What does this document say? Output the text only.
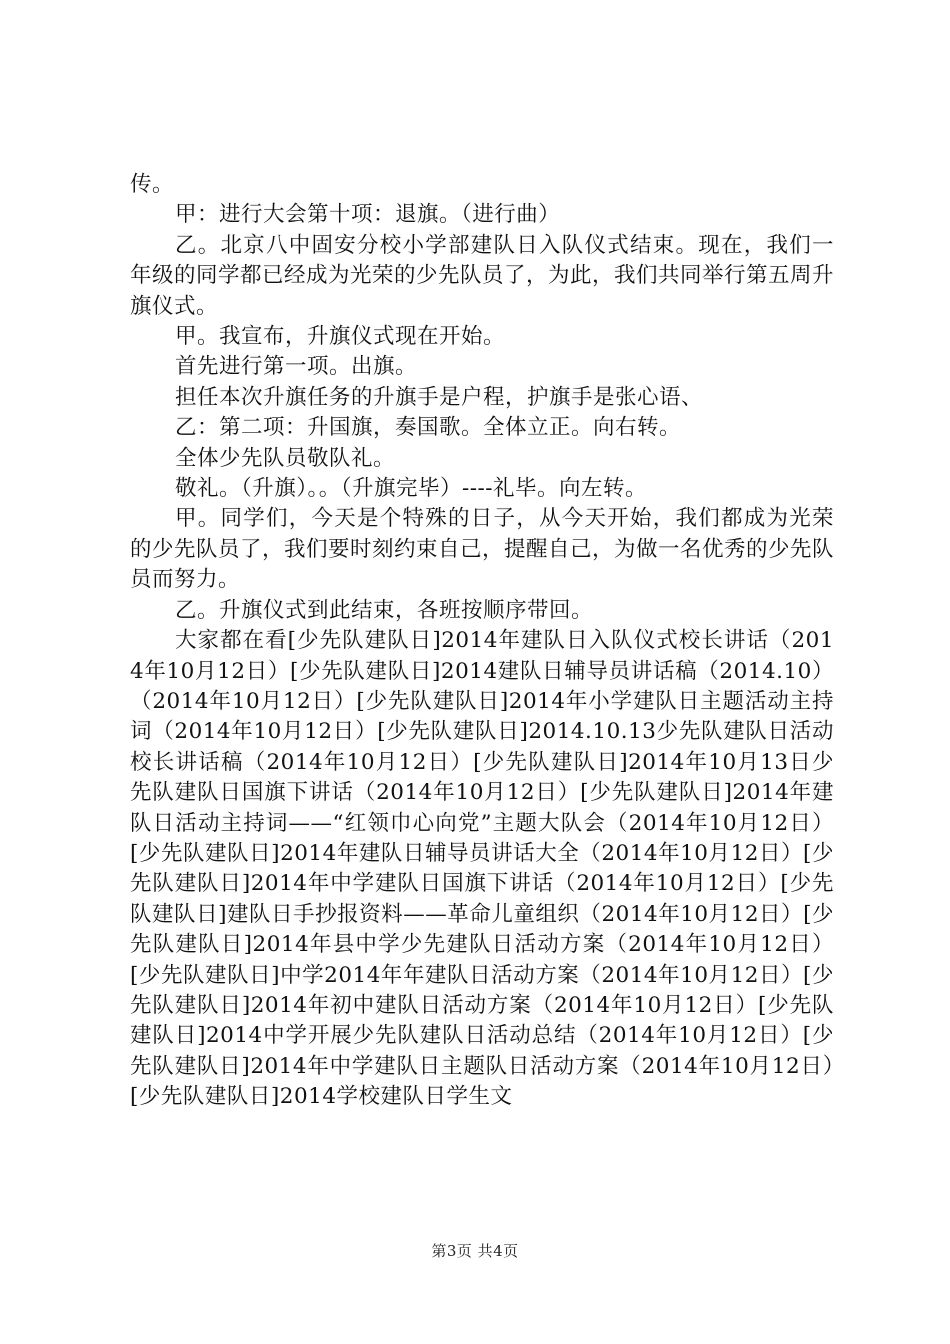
传。

甲：进行大会第十项：退旗。（进行曲）

乙。北京八中固安分校小学部建队日入队仪式结束。现在，我们一年级的同学都已经成为光荣的少先队员了，为此，我们共同举行第五周升旗仪式。

甲。我宣布，升旗仪式现在开始。

首先进行第一项。出旗。

担任本次升旗任务的升旗手是户程，护旗手是张心语、

乙：第二项：升国旗，奏国歌。全体立正。向右转。

全体少先队员敬队礼。

敬礼。（升旗）。。（升旗完毕）----礼毕。向左转。

甲。同学们，今天是个特殊的日子，从今天开始，我们都成为光荣的少先队员了，我们要时刻约束自己，提醒自己，为做一名优秀的少先队员而努力。

乙。升旗仪式到此结束，各班按顺序带回。

大家都在看[少先队建队日]2014年建队日入队仪式校长讲话（2014年10月12日）[少先队建队日]2014建队日辅导员讲话稿（2014.10）（2014年10月12日）[少先队建队日]2014年小学建队日主题活动主持词（2014年10月12日）[少先队建队日]2014.10.13少先队建队日活动校长讲话稿（2014年10月12日）[少先队建队日]2014年10月13日少先队建队日国旗下讲话（2014年10月12日）[少先队建队日]2014年建队日活动主持词——“红领巾心向党”主题大队会（2014年10月12日）[少先队建队日]2014年建队日辅导员讲话大全（2014年10月12日）[少先队建队日]2014年中学建队日国旗下讲话（2014年10月12日）[少先队建队日]建队日手抄报资料——革命儿童组织（2014年10月12日）[少先队建队日]2014年县中学少先建队日活动方案（2014年10月12日）[少先队建队日]中学2014年年建队日活动方案（2014年10月12日）[少先队建队日]2014年初中建队日活动方案（2014年10月12日）[少先队建队日]2014中学开展少先队建队日活动总结（2014年10月12日）[少先队建队日]2014年中学建队日主题队日活动方案（2014年10月12日）[少先队建队日]2014学校建队日学生文

第3页 共4页
